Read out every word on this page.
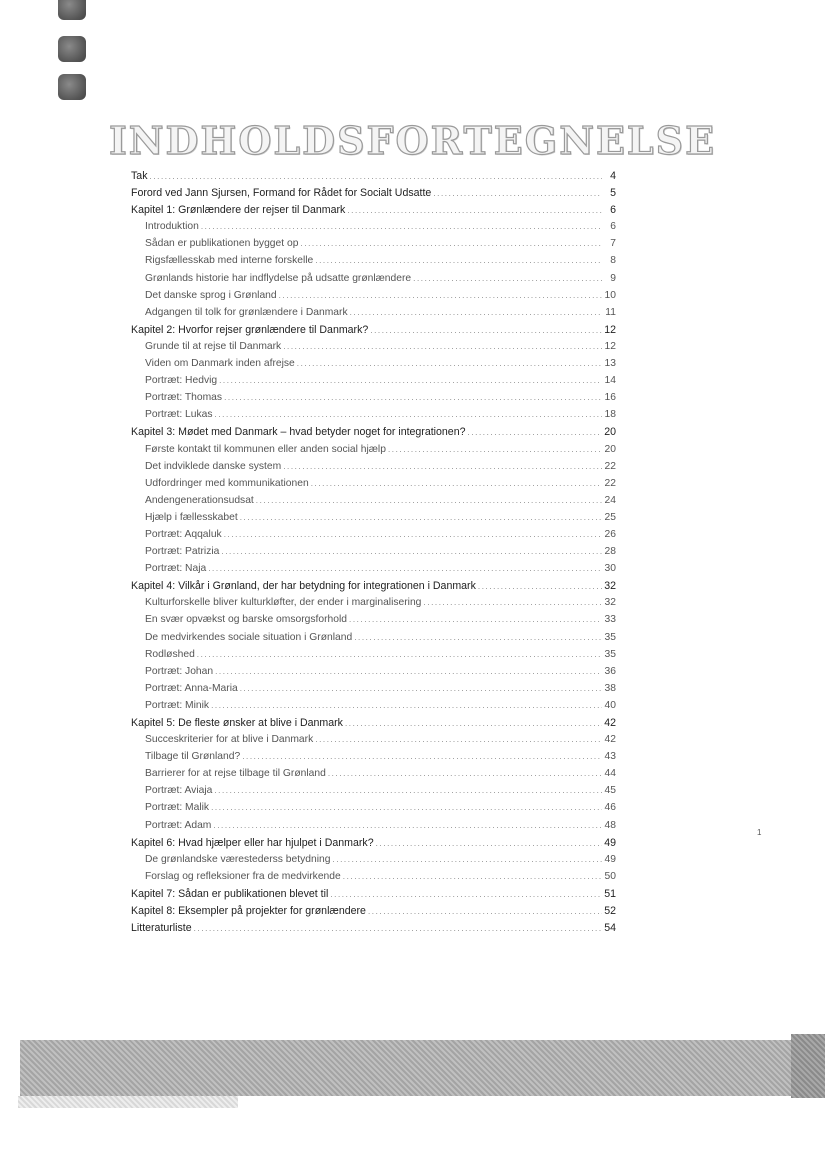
INDHOLDSFORTEGNELSE
Tak .....	4
Forord ved Jann Sjursen, Formand for Rådet for Socialt Udsatte .....	5
Kapitel 1: Grønlændere der rejser til Danmark .....	6
Introduktion .....	6
Sådan er publikationen bygget op .....	7
Rigsfællesskab med interne forskelle .....	8
Grønlands historie har indflydelse på udsatte grønlændere .....	9
Det danske sprog i Grønland .....	10
Adgangen til tolk for grønlændere i Danmark .....	11
Kapitel 2: Hvorfor rejser grønlændere til Danmark? .....	12
Grunde til at rejse til Danmark .....	12
Viden om Danmark inden afrejse .....	13
Portræt: Hedvig .....	14
Portræt: Thomas .....	16
Portræt: Lukas .....	18
Kapitel 3: Mødet med Danmark – hvad betyder noget for integrationen? .....	20
Første kontakt til kommunen eller anden social hjælp .....	20
Det indviklede danske system .....	22
Udfordringer med kommunikationen .....	22
Andengenerationsudsat .....	24
Hjælp i fællesskabet .....	25
Portræt: Aqqaluk .....	26
Portræt: Patrizia .....	28
Portræt: Naja .....	30
Kapitel 4: Vilkår i Grønland, der har betydning for integrationen i Danmark .....	32
Kulturforskelle bliver kulturkløfter, der ender i marginalisering .....	32
En svær opvækst og barske omsorgsforhold .....	33
De medvirkendes sociale situation i Grønland .....	35
Rodløshed .....	35
Portræt: Johan .....	36
Portræt: Anna-Maria .....	38
Portræt: Minik .....	40
Kapitel 5: De fleste ønsker at blive i Danmark .....	42
Succeskriterier for at blive i Danmark .....	42
Tilbage til Grønland? .....	43
Barrierer for at rejse tilbage til Grønland .....	44
Portræt: Aviaja .....	45
Portræt: Malik .....	46
Portræt: Adam .....	48
Kapitel 6: Hvad hjælper eller har hjulpet i Danmark? .....	49
De grønlandske værestederss betydning .....	49
Forslag og refleksioner fra de medvirkende .....	50
Kapitel 7: Sådan er publikationen blevet til .....	51
Kapitel 8: Eksempler på projekter for grønlændere .....	52
Litteraturliste .....	54
1
